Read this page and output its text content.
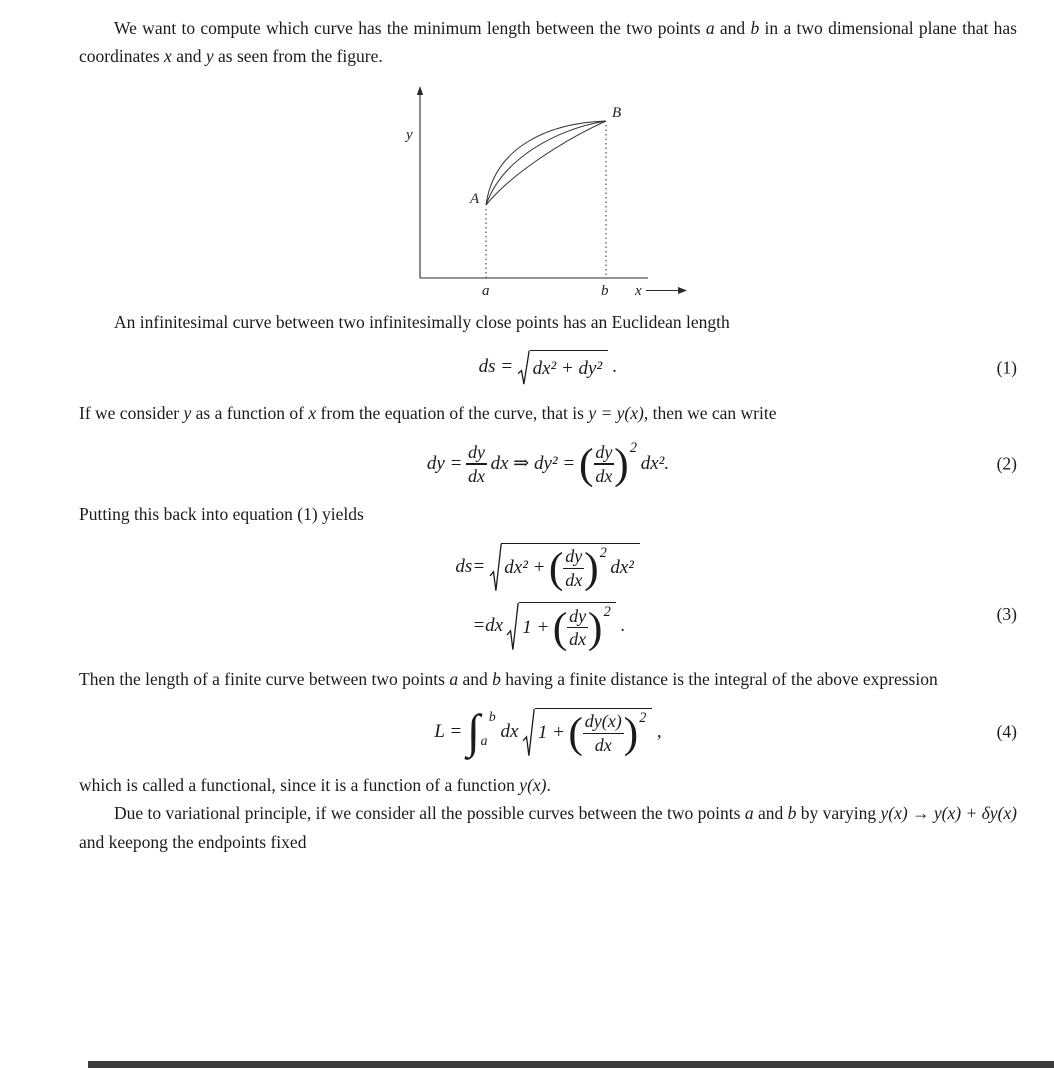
We want to compute which curve has the minimum length between the two points a and b in a two dimensional plane that has coordinates x and y as seen from the figure.

y
A
B
a	b x

An infinitesimal curve between two infinitesimally close points has an Euclidean length

ds = dx² + dy² .	(1)

If we consider y as a function of x from the equation of the curve, that is y = y(x), then we can write

dy = $\frac{dy}{dx}$ dx ⇒ dy² = ( $\frac{dy}{dx}$ ) 2
dx².	(2)

Putting this back into equation (1) yields

ds = dx² + ( $\frac{dy}{dx}$ ) 2
dx²
=dx 1 + ( $\frac{dy}{dx}$ ) 2
.
(3)

Then the length of a finite curve between two points a and b having a finite distance is the integral of the above expression

L = ∫ b
a dx 1 + ( $\frac{dy(x)}{dx}$ ) 2
,	(4)

which is called a functional, since it is a function of a function y(x).

Due to variational principle, if we consider all the possible curves between the two points a and b by varying y(x) → y(x) + δy(x) and keepong the endpoints fixed
